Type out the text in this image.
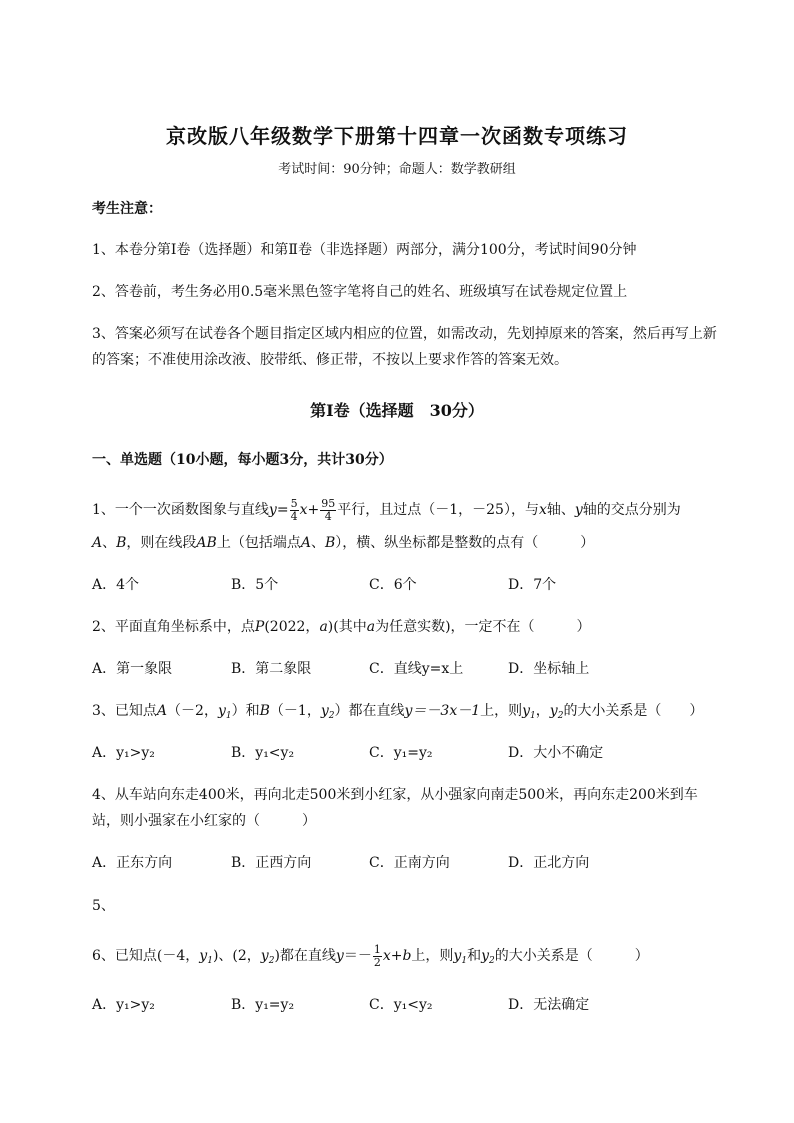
京改版八年级数学下册第十四章一次函数专项练习
考试时间：90分钟；命题人：数学教研组
考生注意：
1、本卷分第I卷（选择题）和第Ⅱ卷（非选择题）两部分，满分100分，考试时间90分钟
2、答卷前，考生务必用0.5毫米黑色签字笔将自己的姓名、班级填写在试卷规定位置上
3、答案必须写在试卷各个题目指定区域内相应的位置，如需改动，先划掉原来的答案，然后再写上新
的答案；不准使用涂改液、胶带纸、修正带，不按以上要求作答的答案无效。
第I卷（选择题　30分）
一、单选题（10小题，每小题3分，共计30分）
1、一个一次函数图象与直线$y= \frac{5}{4} x+ \frac{95}{4}$ 平行，且过点（－1，－25），与x轴、y轴的交点分别为
A、B，则在线段AB上（包括端点A、B），横、纵坐标都是整数的点有（　　　）
A．4个	B．5个	C．6个	D．7个
2、平面直角坐标系中，点P(2022，a)(其中a为任意实数)，一定不在（　　　）
A．第一象限	B．第二象限	C．直线y=x上	D．坐标轴上
3、已知点A（－2，$y_1$）和B（－1，$y_2$）都在直线y＝－3x－1上，则$y_1$，$y_2$的大小关系是（　　）
A．y₁>y₂	B．y₁<y₂	C．y₁=y₂	D．大小不确定
4、从车站向东走400米，再向北走500米到小红家，从小强家向南走500米，再向东走200米到车
站，则小强家在小红家的（　　　）
A．正东方向	B．正西方向	C．正南方向	D．正北方向
5、
6、已知点(－4，$y_1$)、(2，$y_2$)都在直线$y=- \frac{1}{2} x+b$上，则$y_1$和$y_2$的大小关系是（　　　）
A．y₁>y₂	B．y₁=y₂	C．y₁<y₂	D．无法确定
